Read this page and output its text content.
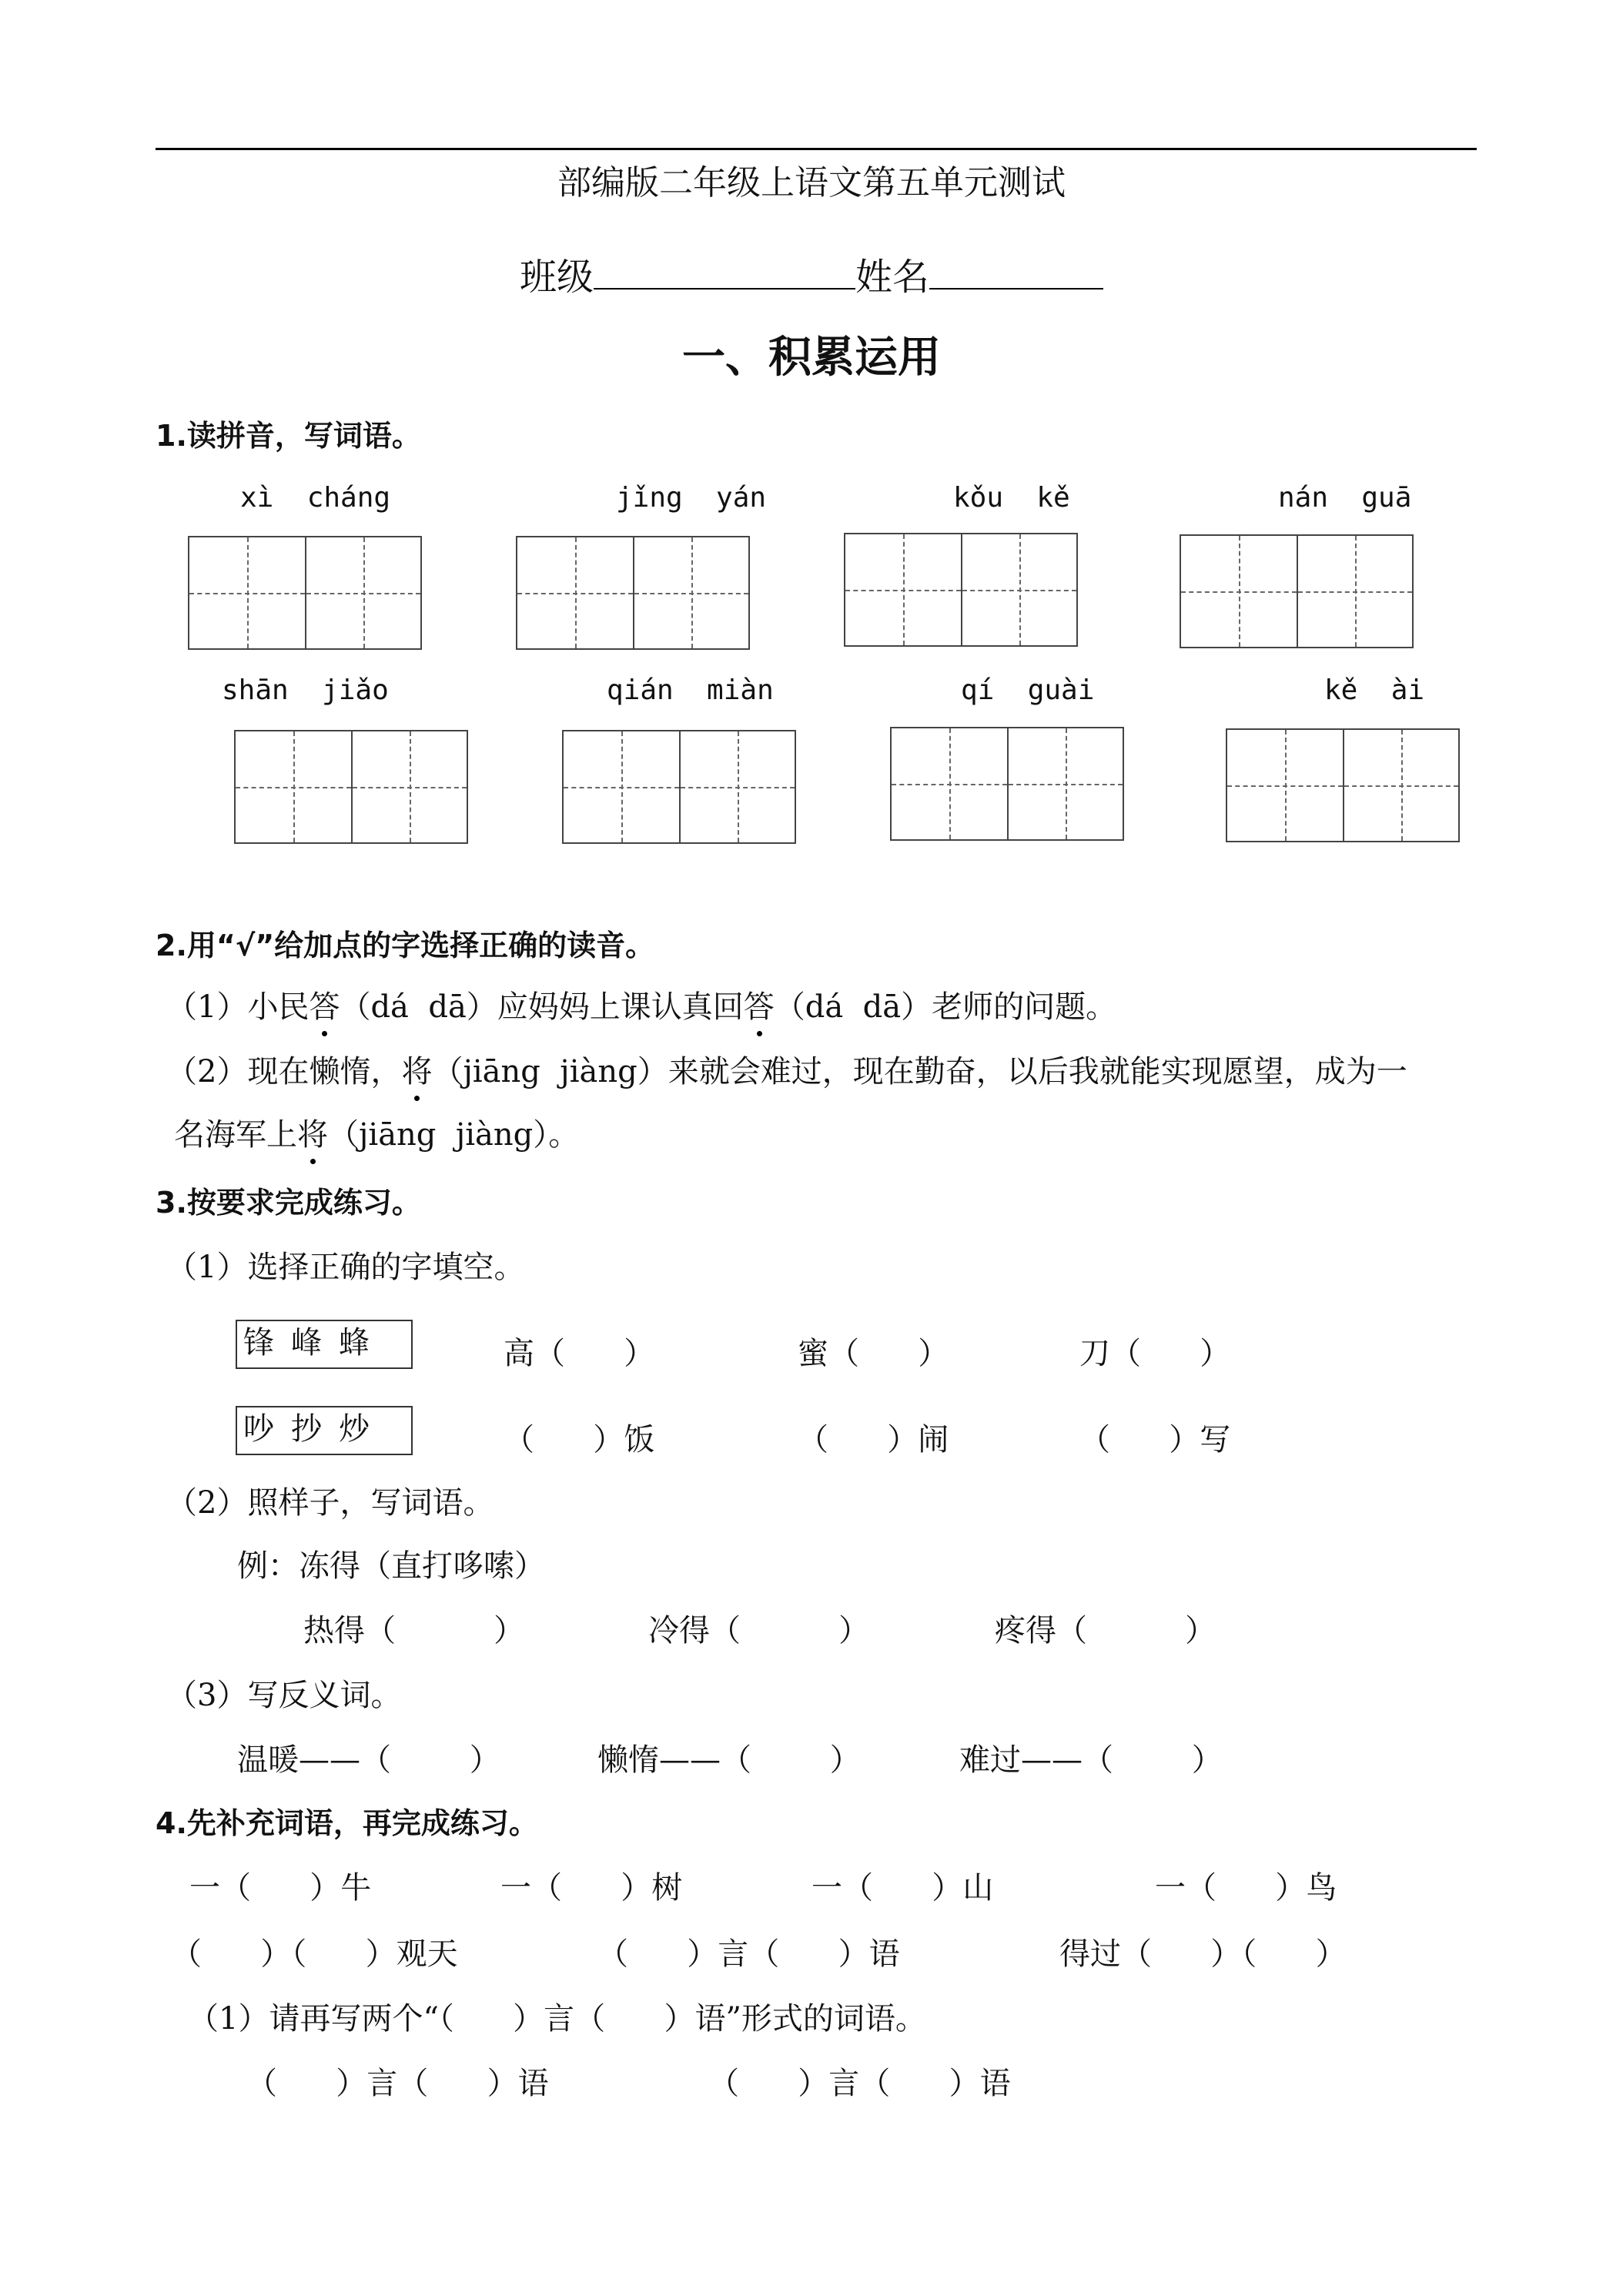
部编版二年级上语文第五单元测试
班级	姓名
一、积累运用
1.读拼音，写词语。
xì  cháng	jǐng  yán	kǒu  kě	nán  guā
shān  jiǎo	qián  miàn	qí  guài	kě  ài
2.用“√”给加点的字选择正确的读音。
（1）小民答（dá  dā）应妈妈上课认真回答（dá  dā）老师的问题。
（2）现在懒惰，将（jiāng  jiàng）来就会难过，现在勤奋，以后我就能实现愿望，成为一
名海军上将（jiāng  jiàng）。
3.按要求完成练习。
（1）选择正确的字填空。
锋峰蜂	高（      ）	蜜（      ）	刀（      ）
吵抄炒	（      ）饭	（      ）闹	（      ）写
（2）照样子，写词语。
例：冻得（直打哆嗦）
热得（          ）	冷得（          ）	疼得（          ）
（3）写反义词。
温暖——（        ）	懒惰——（        ）	难过——（        ）
4.先补充词语，再完成练习。
一（      ）牛	一（      ）树	一（      ）山	一（      ）鸟
（      ）（      ）观天	（      ）言（      ）语	得过（      ）（      ）
（1）请再写两个“（      ）言（      ）语”形式的词语。
（      ）言（      ）语	（      ）言（      ）语
